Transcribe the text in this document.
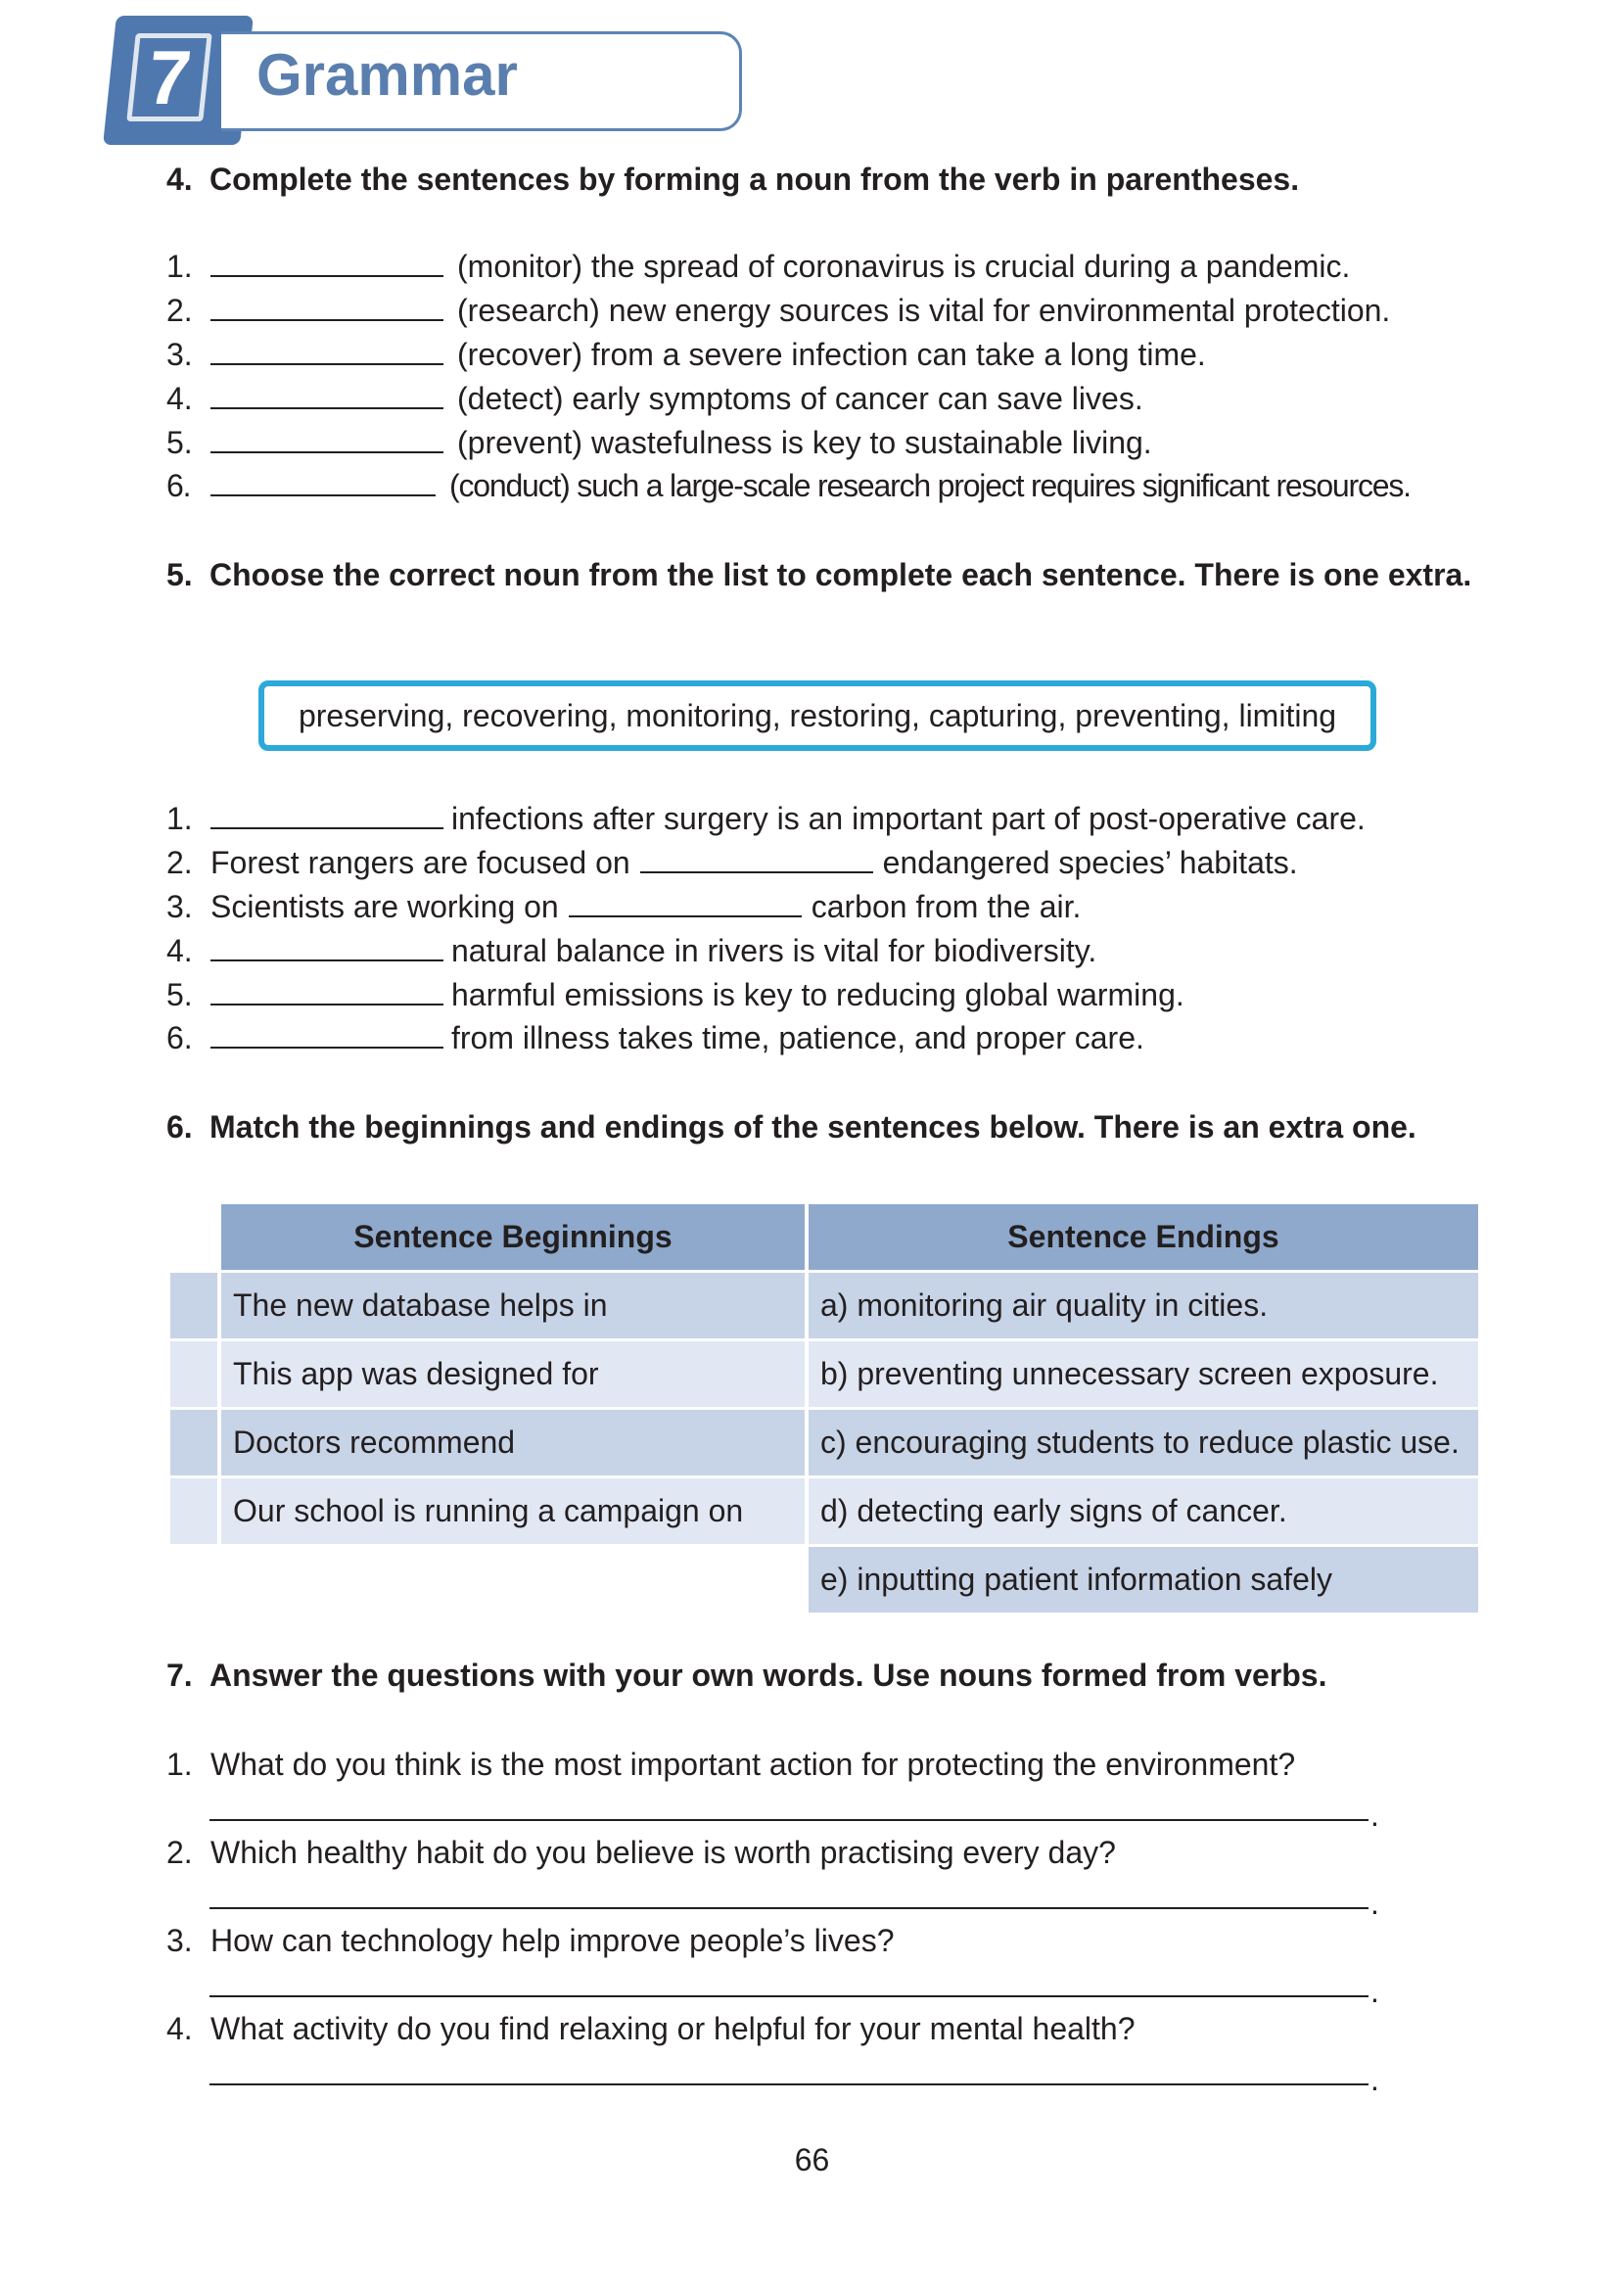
7 Grammar
4. Complete the sentences by forming a noun from the verb in parentheses.
1.	(monitor) the spread of coronavirus is crucial during a pandemic.
2.	(research) new energy sources is vital for environmental protection.
3.	(recover) from a severe infection can take a long time.
4.	(detect) early symptoms of cancer can save lives.
5.	(prevent) wastefulness is key to sustainable living.
6.	(conduct) such a large-scale research project requires significant resources.
5. Choose the correct noun from the list to complete each sentence. There is one extra.
preserving, recovering, monitoring, restoring, capturing, preventing, limiting
1.	infections after surgery is an important part of post-operative care.
2. Forest rangers are focused on	endangered species’ habitats.
3. Scientists are working on	carbon from the air.
4.	natural balance in rivers is vital for biodiversity.
5.	harmful emissions is key to reducing global warming.
6.	from illness takes time, patience, and proper care.
6. Match the beginnings and endings of the sentences below. There is an extra one.
Sentence Beginnings	Sentence Endings
The new database helps in	a) monitoring air quality in cities.
This app was designed for	b) preventing unnecessary screen exposure.
Doctors recommend	c) encouraging students to reduce plastic use.
Our school is running a campaign on	d) detecting early signs of cancer.
e) inputting patient information safely
7. Answer the questions with your own words. Use nouns formed from verbs.
1. What do you think is the most important action for protecting the environment?
.
2. Which healthy habit do you believe is worth practising every day?
.
3. How can technology help improve people’s lives?
.
4. What activity do you find relaxing or helpful for your mental health?
.
66
